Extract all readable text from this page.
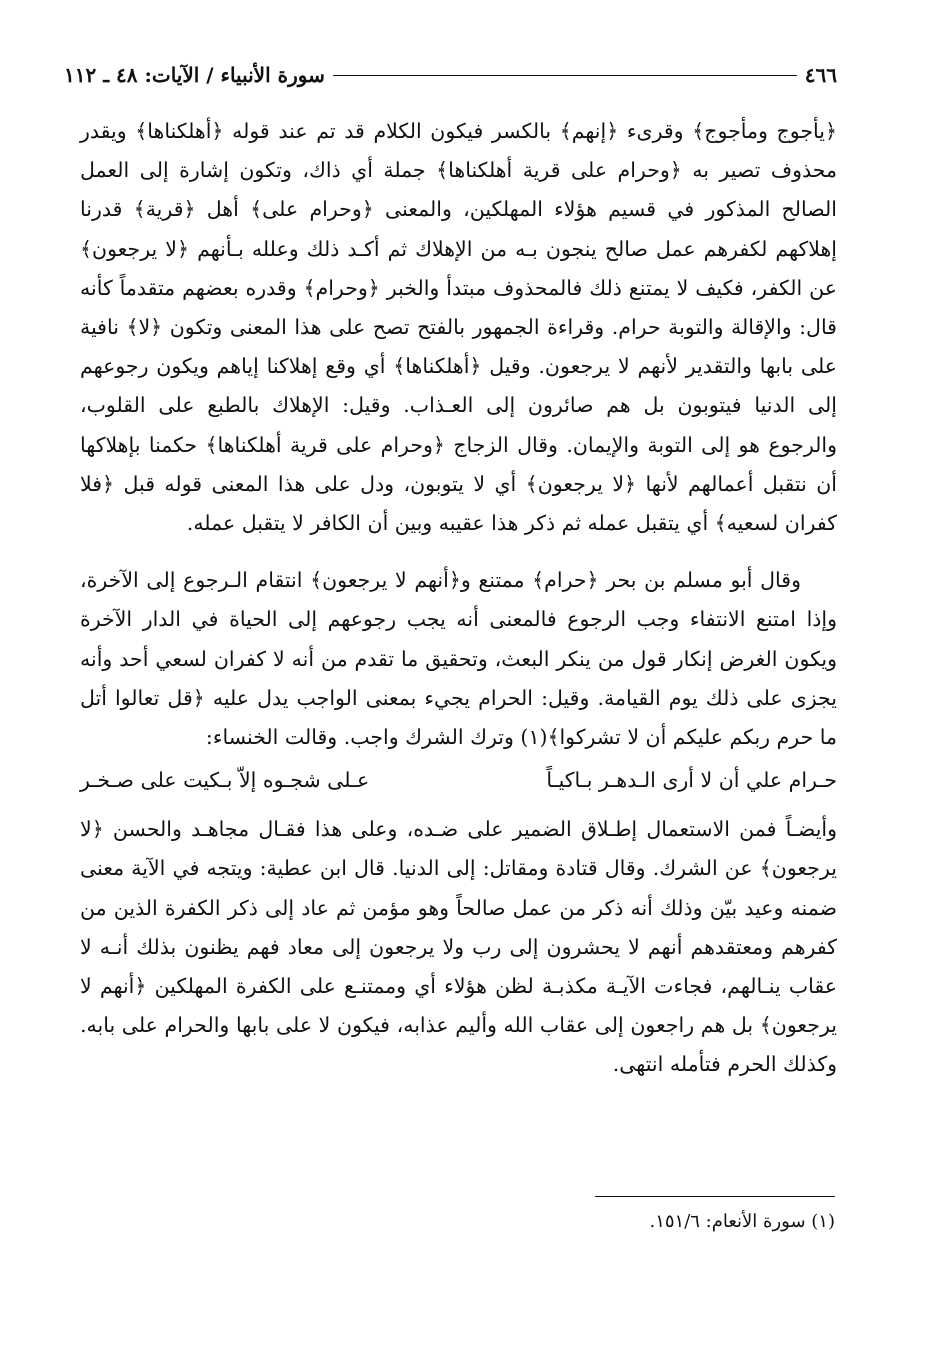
٤٦٦
سورة الأنبياء / الآيات: ٤٨ ـ ١١٢

﴿يأجوج ومأجوج﴾ وقرىء ﴿إنهم﴾ بالكسر فيكون الكلام قد تم عند قوله ﴿أهلكناها﴾ ويقدر محذوف تصير به ﴿وحرام على قرية أهلكناها﴾ جملة أي ذاك، وتكون إشارة إلى العمل الصالح المذكور في قسيم هؤلاء المهلكين، والمعنى ﴿وحرام على﴾ أهل ﴿قرية﴾ قدرنا إهلاكهم لكفرهم عمل صالح ينجون بـه من الإهلاك ثم أكـد ذلك وعلله بـأنهم ﴿لا يرجعون﴾ عن الكفر، فكيف لا يمتنع ذلك فالمحذوف مبتدأ والخبر ﴿وحرام﴾ وقدره بعضهم متقدماً كأنه قال: والإقالة والتوبة حرام. وقراءة الجمهور بالفتح تصح على هذا المعنى وتكون ﴿لا﴾ نافية على بابها والتقدير لأنهم لا يرجعون. وقيل ﴿أهلكناها﴾ أي وقع إهلاكنا إياهم ويكون رجوعهم إلى الدنيا فيتوبون بل هم صائرون إلى العـذاب. وقيل: الإهلاك بالطبع على القلوب، والرجوع هو إلى التوبة والإيمان. وقال الزجاج ﴿وحرام على قرية أهلكناها﴾ حكمنا بإهلاكها أن نتقبل أعمالهم لأنها ﴿لا يرجعون﴾ أي لا يتوبون، ودل على هذا المعنى قوله قبل ﴿فلا كفران لسعيه﴾ أي يتقبل عمله ثم ذكر هذا عقيبه وبين أن الكافر لا يتقبل عمله.

وقال أبو مسلم بن بحر ﴿حرام﴾ ممتنع و﴿أنهم لا يرجعون﴾ انتقام الـرجوع إلى الآخرة، وإذا امتنع الانتفاء وجب الرجوع فالمعنى أنه يجب رجوعهم إلى الحياة في الدار الآخرة ويكون الغرض إنكار قول من ينكر البعث، وتحقيق ما تقدم من أنه لا كفران لسعي أحد وأنه يجزى على ذلك يوم القيامة. وقيل: الحرام يجيء بمعنى الواجب يدل عليه ﴿قل تعالوا أتل ما حرم ربكم عليكم أن لا تشركوا﴾(١) وترك الشرك واجب. وقالت الخنساء:

حـرام علي أن لا أرى الـدهـر بـاكيـاً
عـلى شجـوه إلاّ بـكيت على صـخـر

وأيضـاً فمن الاستعمال إطـلاق الضمير على ضـده، وعلى هذا فقـال مجاهـد والحسن ﴿لا يرجعون﴾ عن الشرك. وقال قتادة ومقاتل: إلى الدنيا. قال ابن عطية: ويتجه في الآية معنى ضمنه وعيد بيّن وذلك أنه ذكر من عمل صالحاً وهو مؤمن ثم عاد إلى ذكر الكفرة الذين من كفرهم ومعتقدهم أنهم لا يحشرون إلى رب ولا يرجعون إلى معاد فهم يظنون بذلك أنـه لا عقاب ينـالهم، فجاءت الآيـة مكذبـة لظن هؤلاء أي وممتنـع على الكفرة المهلكين ﴿أنهم لا يرجعون﴾ بل هم راجعون إلى عقاب الله وأليم عذابه، فيكون لا على بابها والحرام على بابه. وكذلك الحرم فتأمله انتهى.

(١) سورة الأنعام: ١٥١/٦.
